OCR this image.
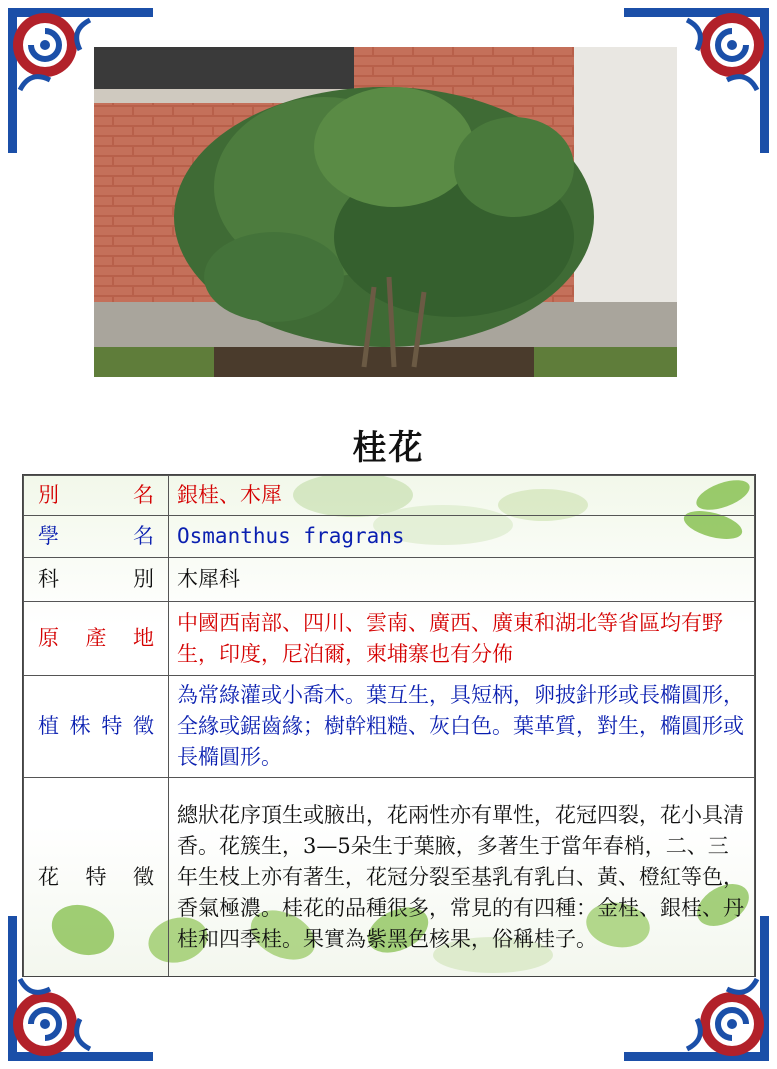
桂花
別　　名	銀桂、木犀
學　　名	Osmanthus fragrans
科　　別	木犀科
原 產 地	中國西南部、四川、雲南、廣西、廣東和湖北等省區均有野生，印度，尼泊爾，柬埔寨也有分佈
植株特徵	為常綠灌或小喬木。葉互生，具短柄，卵披針形或長橢圓形，全緣或鋸齒緣；樹幹粗糙、灰白色。葉革質，對生，橢圓形或長橢圓形。
花 特 徵	總狀花序頂生或腋出，花兩性亦有單性，花冠四裂，花小具清香。花簇生，3—5朵生于葉腋，多著生于當年春梢，二、三年生枝上亦有著生，花冠分裂至基乳有乳白、黃、橙紅等色，香氣極濃。桂花的品種很多，常見的有四種：金桂、銀桂、丹桂和四季桂。果實為紫黑色核果，俗稱桂子。
